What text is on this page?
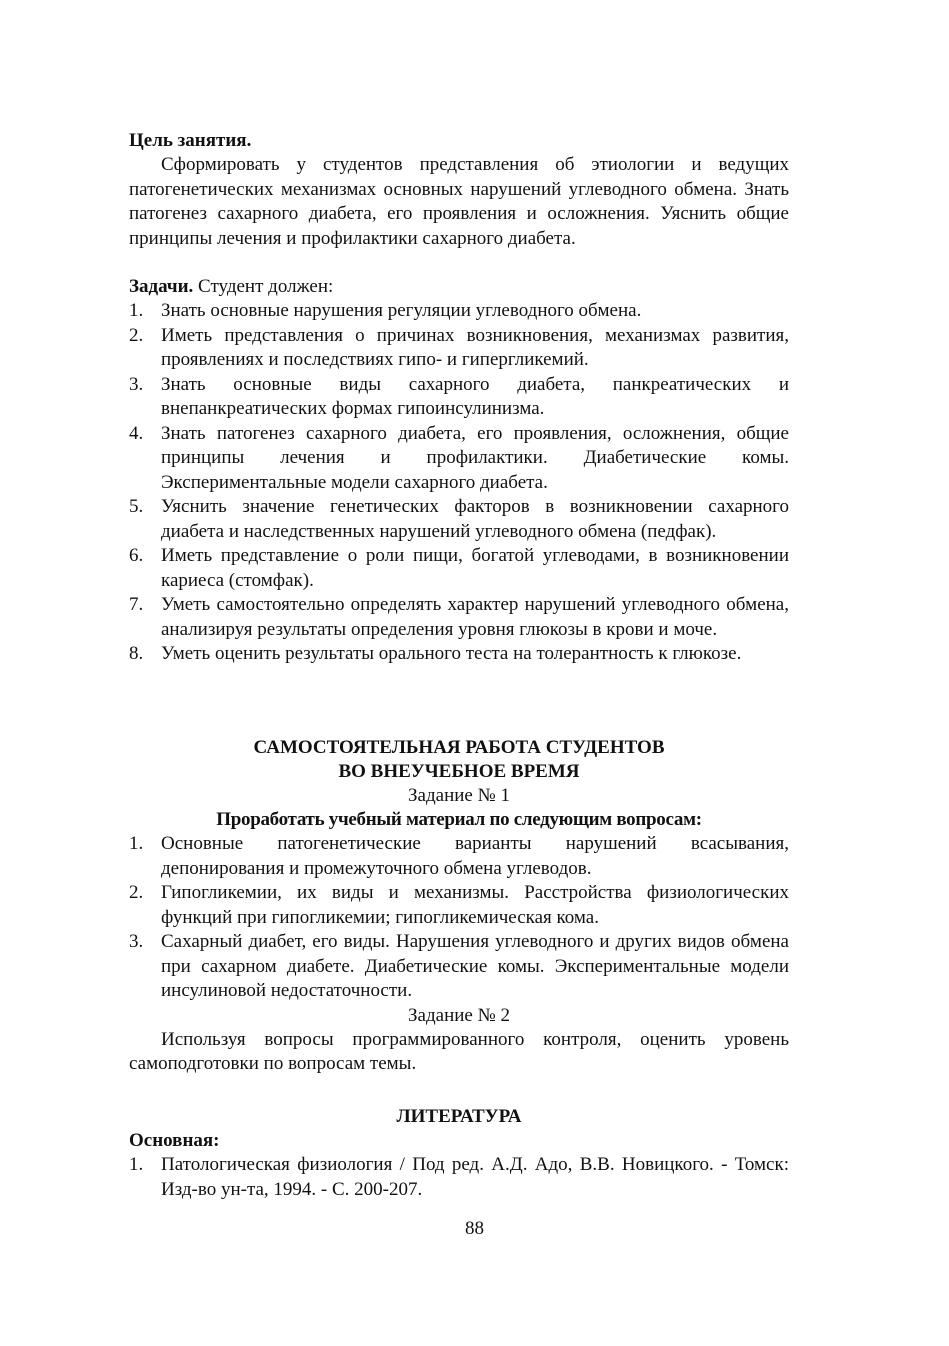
Цель занятия.

Сформировать у студентов представления об этиологии и ведущих патогенетических механизмах основных нарушений углеводного обмена. Знать патогенез сахарного диабета, его проявления и осложнения. Уяснить общие принципы лечения и профилактики сахарного диабета.

Задачи. Студент должен:

1. Знать основные нарушения регуляции углеводного обмена.
2. Иметь представления о причинах возникновения, механизмах развития, проявлениях и последствиях гипо- и гипергликемий.
3. Знать основные виды сахарного диабета, панкреатических и внепанкреатических формах гипоинсулинизма.
4. Знать патогенез сахарного диабета, его проявления, осложнения, общие принципы лечения и профилактики. Диабетические комы. Экспериментальные модели сахарного диабета.
5. Уяснить значение генетических факторов в возникновении сахарного диабета и наследственных нарушений углеводного обмена (педфак).
6. Иметь представление о роли пищи, богатой углеводами, в возникновении кариеса (стомфак).
7. Уметь самостоятельно определять характер нарушений углеводного обмена, анализируя результаты определения уровня глюкозы в крови и моче.
8. Уметь оценить результаты орального теста на толерантность к глюкозе.

САМОСТОЯТЕЛЬНАЯ РАБОТА СТУДЕНТОВ

ВО ВНЕУЧЕБНОЕ ВРЕМЯ

Задание № 1

Проработать учебный материал по следующим вопросам:

1. Основные патогенетические варианты нарушений всасывания, депонирования и промежуточного обмена углеводов.
2. Гипогликемии, их виды и механизмы. Расстройства физиологических функций при гипогликемии; гипогликемическая кома.
3. Сахарный диабет, его виды. Нарушения углеводного и других видов обмена при сахарном диабете. Диабетические комы. Экспериментальные модели инсулиновой недостаточности.

Задание № 2

Используя вопросы программированного контроля, оценить уровень самоподготовки по вопросам темы.

ЛИТЕРАТУРА

Основная:

1. Патологическая физиология / Под ред. А.Д. Адо, В.В. Новицкого. - Томск: Изд-во ун-та, 1994. - С. 200-207.
88
